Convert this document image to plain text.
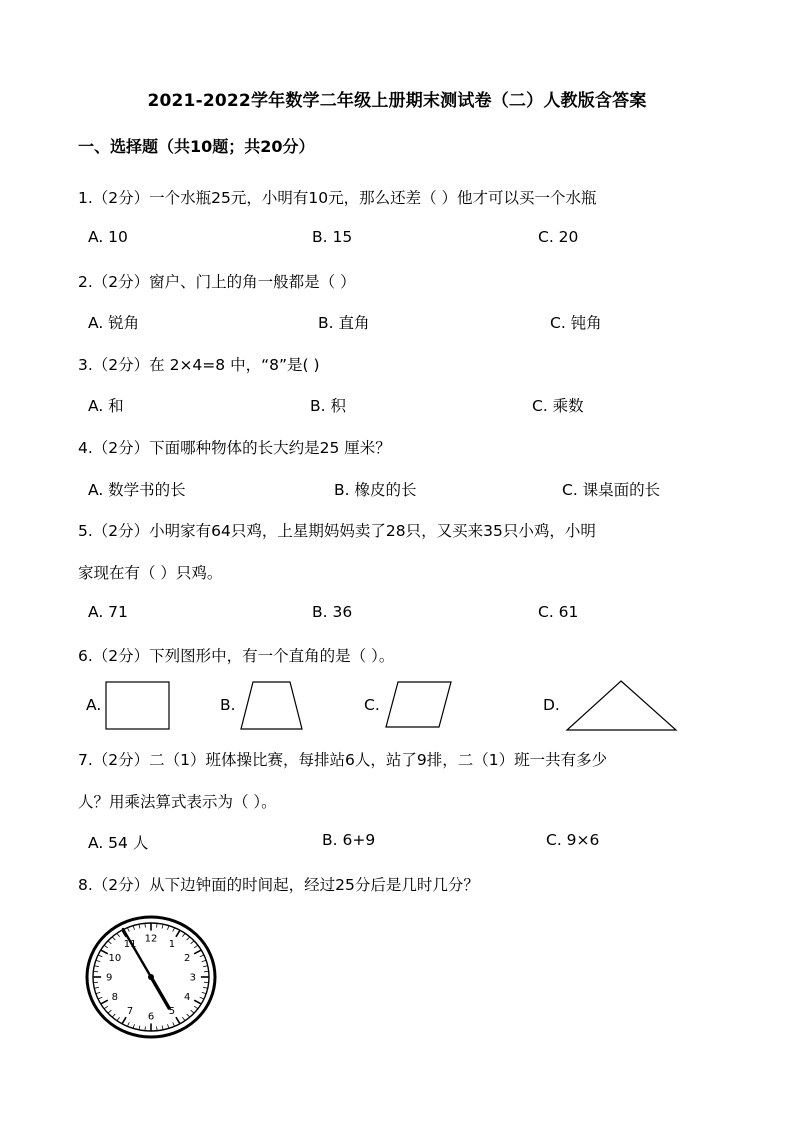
2021-2022学年数学二年级上册期末测试卷（二）人教版含答案
一、选择题（共10题；共20分）
1.（2分）一个水瓶25元，小明有10元，那么还差（ ）他才可以买一个水瓶
A. 10	B. 15	C. 20
2.（2分）窗户、门上的角一般都是（ ）
A. 锐角	B. 直角	C. 钝角
3.（2分）在 2×4=8 中，“8”是( )
A. 和	B. 积	C. 乘数
4.（2分）下面哪种物体的长大约是25 厘米？
A. 数学书的长	B. 橡皮的长	C. 课桌面的长
5.（2分）小明家有64只鸡，上星期妈妈卖了28只，又买来35只小鸡，小明
家现在有（ ）只鸡。
A. 71	B. 36	C. 61
6.（2分）下列图形中，有一个直角的是（ ）。
A.	B.	C.	D.
7.（2分）二（1）班体操比赛，每排站6人，站了9排，二（1）班一共有多少
人？用乘法算式表示为（ ）。
A. 54 人	B. 6+9	C. 9×6
8.（2分）从下边钟面的时间起，经过25分后是几时几分？
12 1
2
3
4
5
6
7
8
9
10
11
